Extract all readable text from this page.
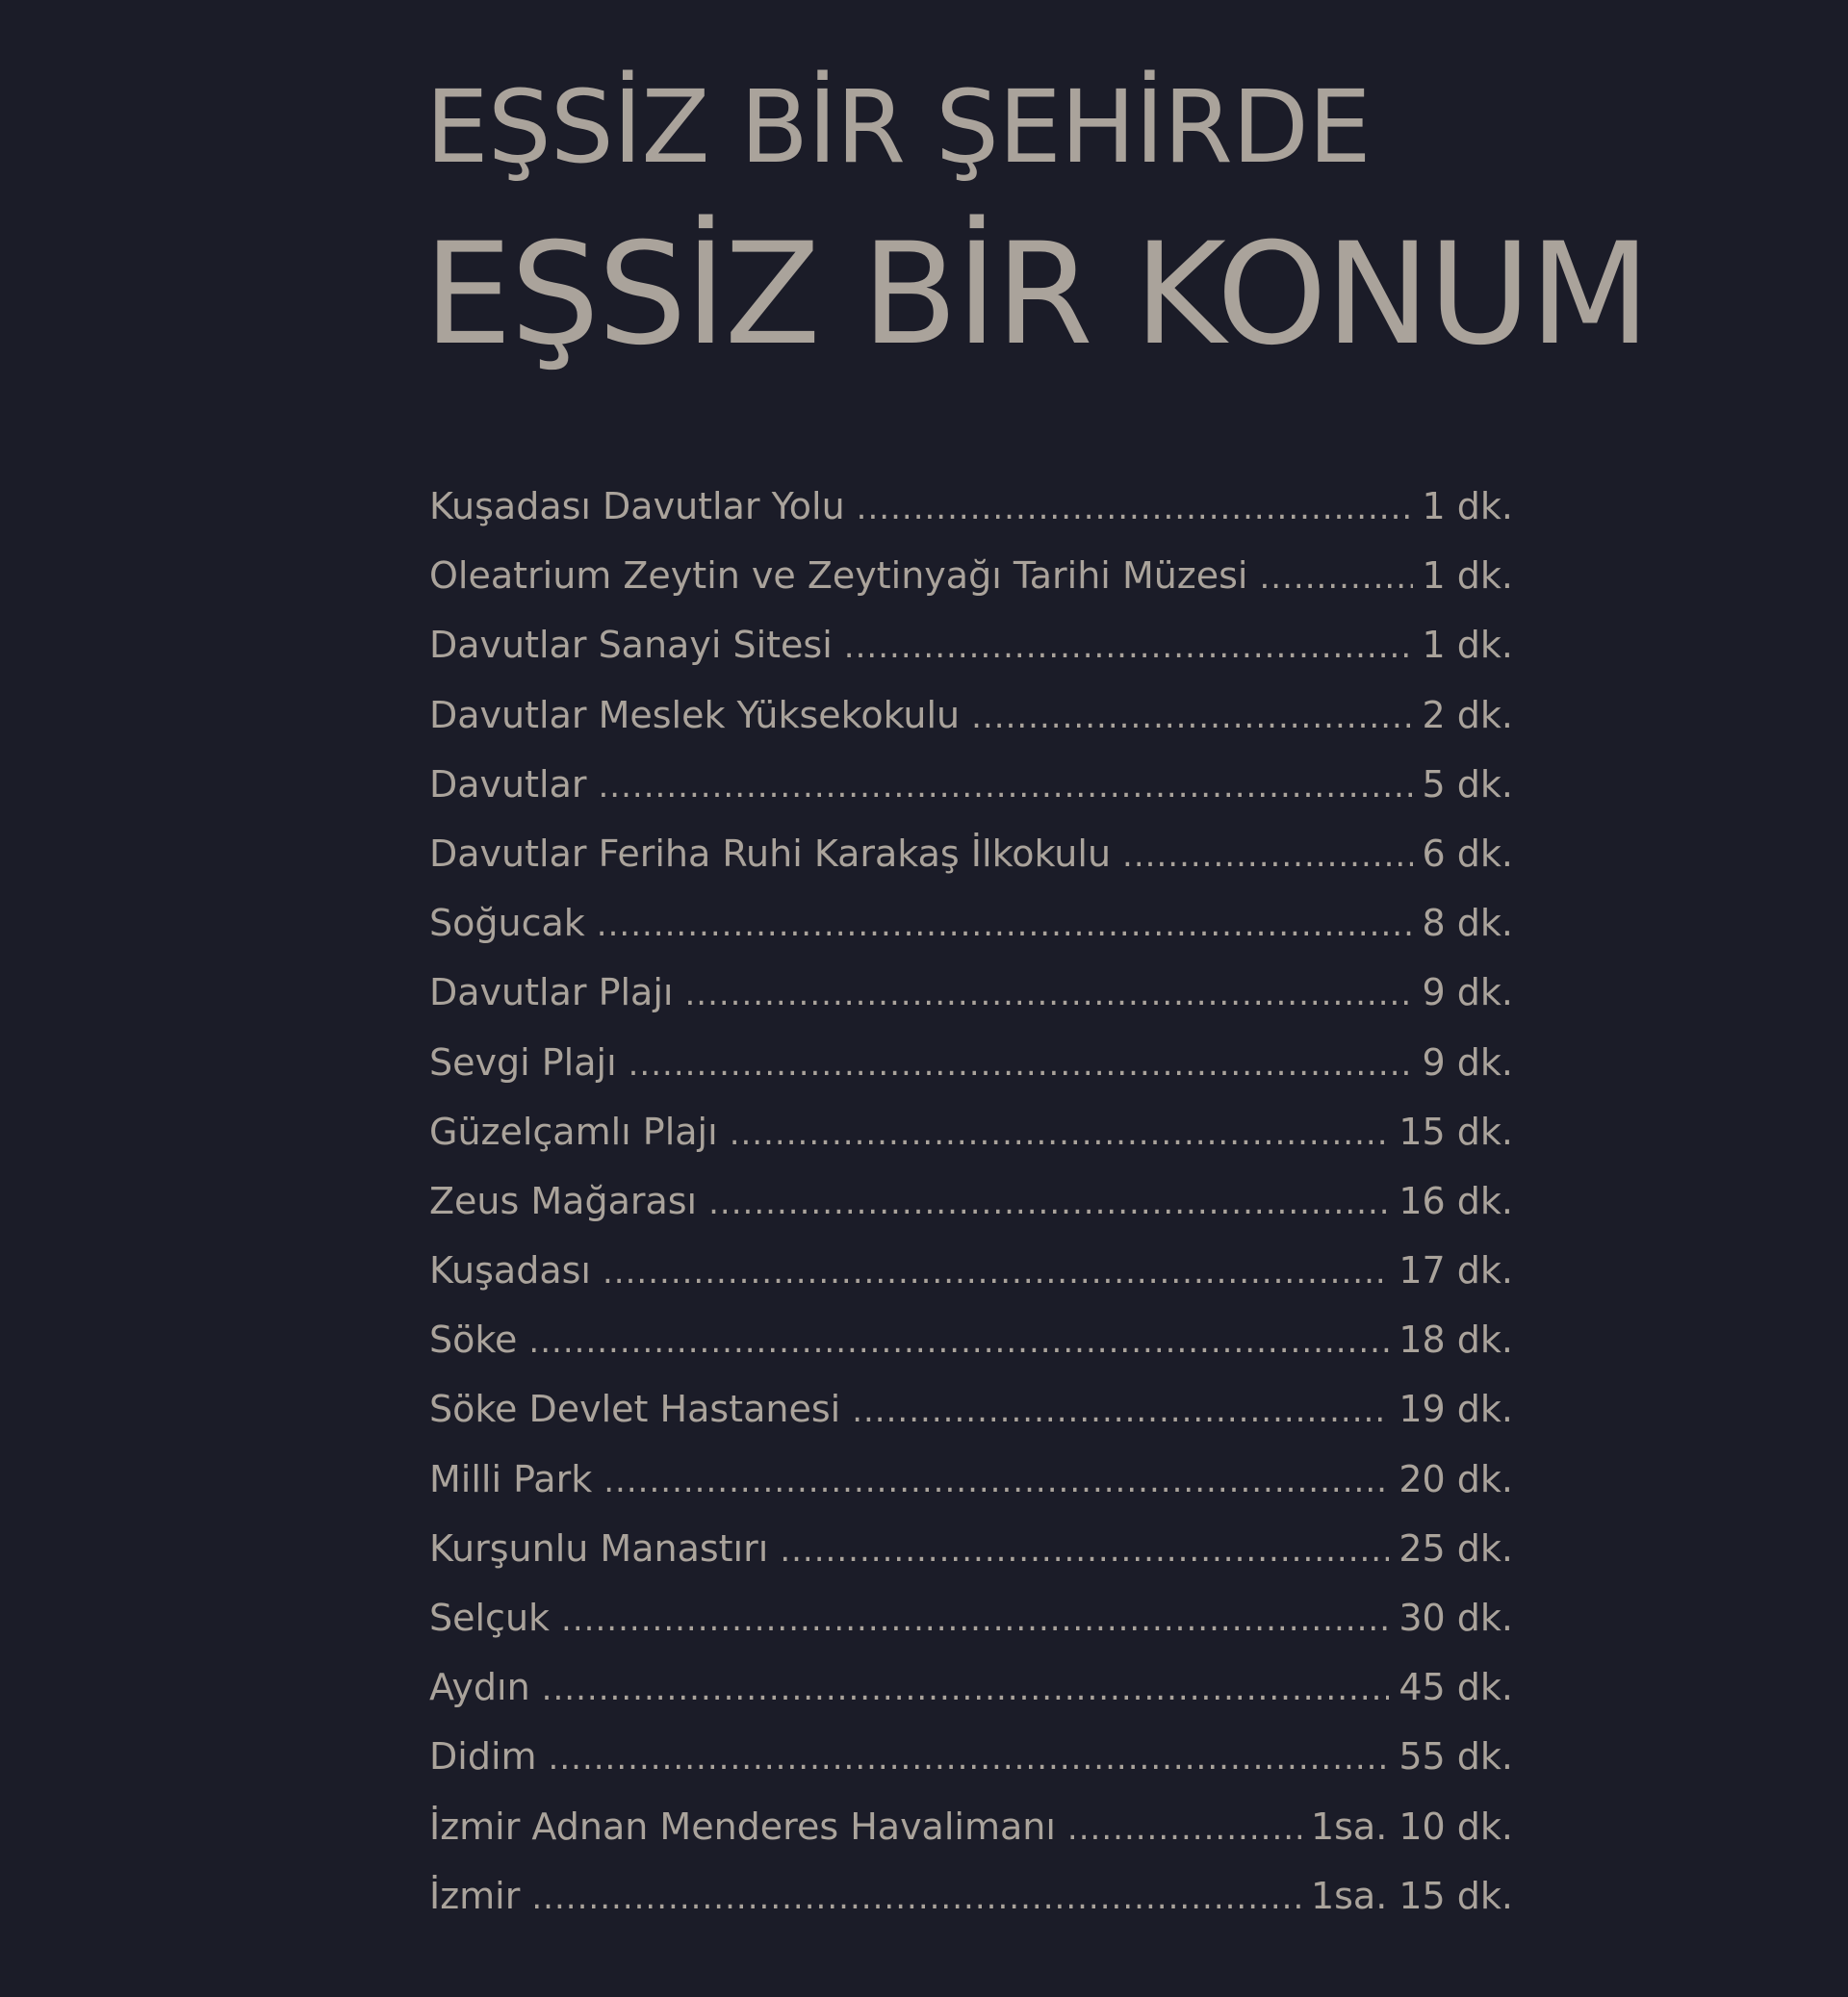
EŞSİZ BİR ŞEHİRDE
EŞSİZ BİR KONUM
Kuşadası Davutlar Yolu .....	1 dk.
Oleatrium Zeytin ve Zeytinyağı Tarihi Müzesi .....	1 dk.
Davutlar Sanayi Sitesi .....	1 dk.
Davutlar Meslek Yüksekokulu .....	2 dk.
Davutlar .....	5 dk.
Davutlar Feriha Ruhi Karakaş İlkokulu .....	6 dk.
Soğucak .....	8 dk.
Davutlar Plajı .....	9 dk.
Sevgi Plajı .....	9 dk.
Güzelçamlı Plajı .....	15 dk.
Zeus Mağarası .....	16 dk.
Kuşadası .....	17 dk.
Söke .....	18 dk.
Söke Devlet Hastanesi .....	19 dk.
Milli Park .....	20 dk.
Kurşunlu Manastırı .....	25 dk.
Selçuk .....	30 dk.
Aydın .....	45 dk.
Didim .....	55 dk.
İzmir Adnan Menderes Havalimanı .....	1sa. 10 dk.
İzmir .....	1sa. 15 dk.
